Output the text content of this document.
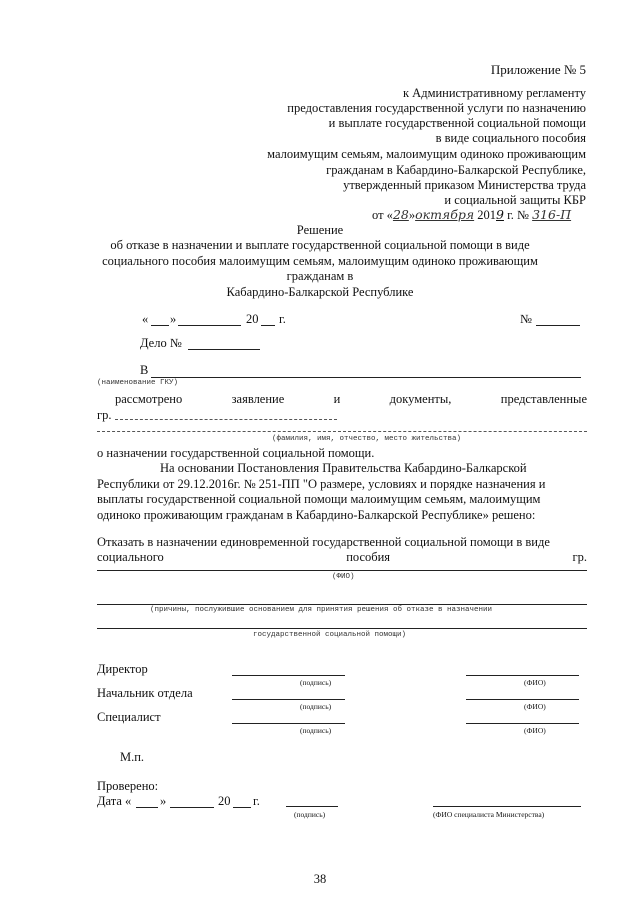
Приложение № 5
к Административному регламенту
предоставления государственной услуги по назначению
и выплате государственной социальной помощи
в виде социального пособия
малоимущим семьям, малоимущим одиноко проживающим
гражданам в Кабардино-Балкарской Республике,
утвержденный приказом Министерства труда
и социальной защиты КБР
от «28»октября 2019 г. № 316-П
Решение
об отказе в назначении и выплате государственной социальной помощи в виде
социального пособия малоимущим семьям, малоимущим одиноко проживающим
гражданам в
Кабардино-Балкарской Республике
« »	20 г.	№
Дело №
В
(наименование ГКУ)
рассмотрено	заявление	и	документы,	представленные
гр.
(фамилия, имя, отчество, место жительства)
о назначении государственной социальной помощи.
На основании Постановления Правительства Кабардино-Балкарской
Республики от 29.12.2016г. № 251-ПП "О размере, условиях и порядке назначения и
выплаты государственной социальной помощи малоимущим семьям, малоимущим
одиноко проживающим гражданам в Кабардино-Балкарской Республике» решено:
Отказать в назначении единовременной государственной социальной помощи в виде
социального	пособия	гр.
(ФИО)
(причины, послужившие основанием для принятия решения об отказе в назначении
государственной социальной помощи)
Директор
(подпись)	(ФИО)
Начальник отдела
(подпись)	(ФИО)
Специалист
(подпись)	(ФИО)
М.п.
Проверено:
Дата « »	20 г.
(подпись)	(ФИО специалиста Министерства)
38
